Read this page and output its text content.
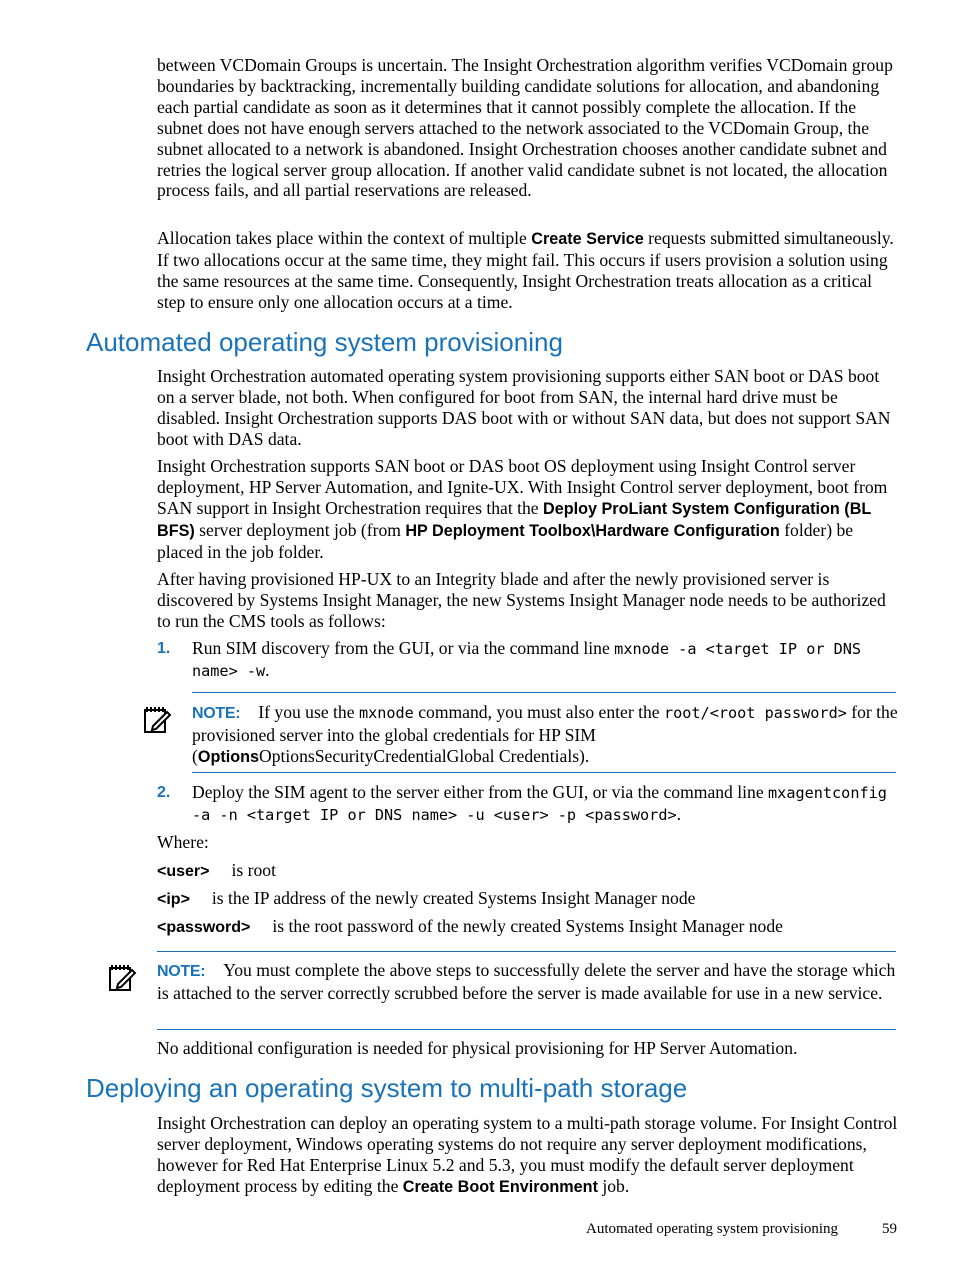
between VCDomain Groups is uncertain. The Insight Orchestration algorithm verifies VCDomain group boundaries by backtracking, incrementally building candidate solutions for allocation, and abandoning each partial candidate as soon as it determines that it cannot possibly complete the allocation. If the subnet does not have enough servers attached to the network associated to the VCDomain Group, the subnet allocated to a network is abandoned. Insight Orchestration chooses another candidate subnet and retries the logical server group allocation. If another valid candidate subnet is not located, the allocation process fails, and all partial reservations are released.

Allocation takes place within the context of multiple Create Service requests submitted simultaneously. If two allocations occur at the same time, they might fail. This occurs if users provision a solution using the same resources at the same time. Consequently, Insight Orchestration treats allocation as a critical step to ensure only one allocation occurs at a time.

Automated operating system provisioning

Insight Orchestration automated operating system provisioning supports either SAN boot or DAS boot on a server blade, not both. When configured for boot from SAN, the internal hard drive must be disabled. Insight Orchestration supports DAS boot with or without SAN data, but does not support SAN boot with DAS data.

Insight Orchestration supports SAN boot or DAS boot OS deployment using Insight Control server deployment, HP Server Automation, and Ignite-UX. With Insight Control server deployment, boot from SAN support in Insight Orchestration requires that the Deploy ProLiant System Configuration (BL BFS) server deployment job (from HP Deployment Toolbox\Hardware Configuration folder) be placed in the job folder.

After having provisioned HP-UX to an Integrity blade and after the newly provisioned server is discovered by Systems Insight Manager, the new Systems Insight Manager node needs to be authorized to run the CMS tools as follows:

1. Run SIM discovery from the GUI, or via the command line mxnode -a <target IP or DNS name> -w.

NOTE: If you use the mxnode command, you must also enter the root/<root password> for the provisioned server into the global credentials for HP SIM (OptionsOptionsSecurityCredentialGlobal Credentials).

2. Deploy the SIM agent to the server either from the GUI, or via the command line mxagentconfig -a -n <target IP or DNS name> -u <user> -p <password>.

Where:

<user> is root

<ip> is the IP address of the newly created Systems Insight Manager node

<password> is the root password of the newly created Systems Insight Manager node

NOTE: You must complete the above steps to successfully delete the server and have the storage which is attached to the server correctly scrubbed before the server is made available for use in a new service.

No additional configuration is needed for physical provisioning for HP Server Automation.

Deploying an operating system to multi-path storage

Insight Orchestration can deploy an operating system to a multi-path storage volume. For Insight Control server deployment, Windows operating systems do not require any server deployment modifications, however for Red Hat Enterprise Linux 5.2 and 5.3, you must modify the default server deployment deployment process by editing the Create Boot Environment job.

Automated operating system provisioning	59
